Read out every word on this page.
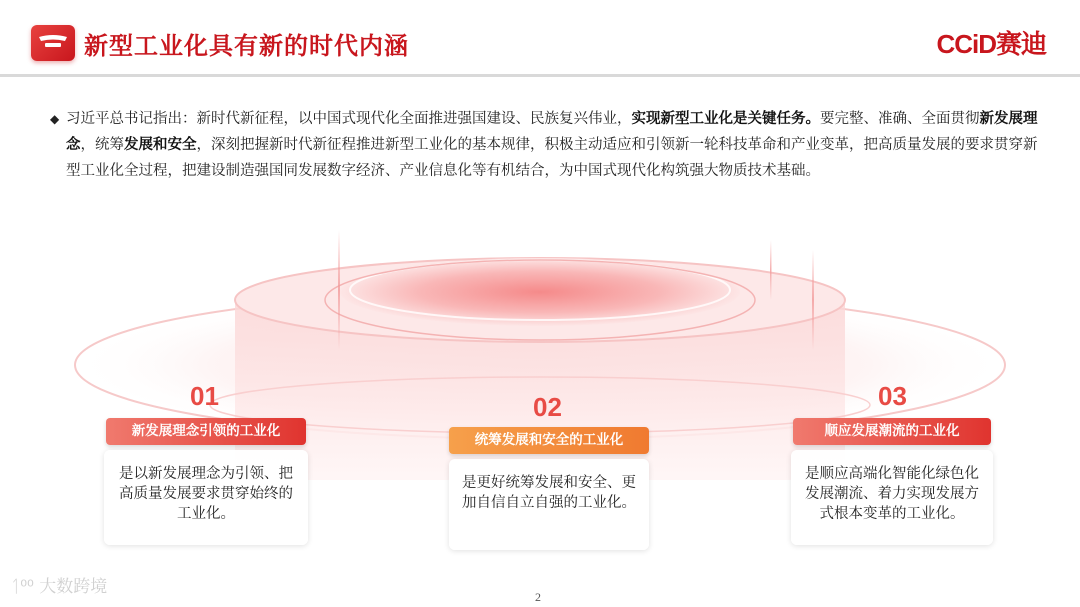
新型工业化具有新的时代内涵	CCiD赛迪
◆ 习近平总书记指出：新时代新征程，以中国式现代化全面推进强国建设、民族复兴伟业，实现新型工业化是关键任务。要完整、准确、全面贯彻新发展理念，统筹发展和安全，深刻把握新时代新征程推进新型工业化的基本规律，积极主动适应和引领新一轮科技革命和产业变革，把高质量发展的要求贯穿新型工业化全过程，把建设制造强国同发展数字经济、产业信息化等有机结合，为中国式现代化构筑强大物质技术基础。

01	02	03
新发展理念引领的工业化
统筹发展和安全的工业化
顺应发展潮流的工业化
是以新发展理念为引领、把高质量发展要求贯穿始终的工业化。
是更好统筹发展和安全、更加自信自立自强的工业化。
是顺应高端化智能化绿色化发展潮流、着力实现发展方式根本变革的工业化。
2
ᛐ⁰⁰ 大数跨境
